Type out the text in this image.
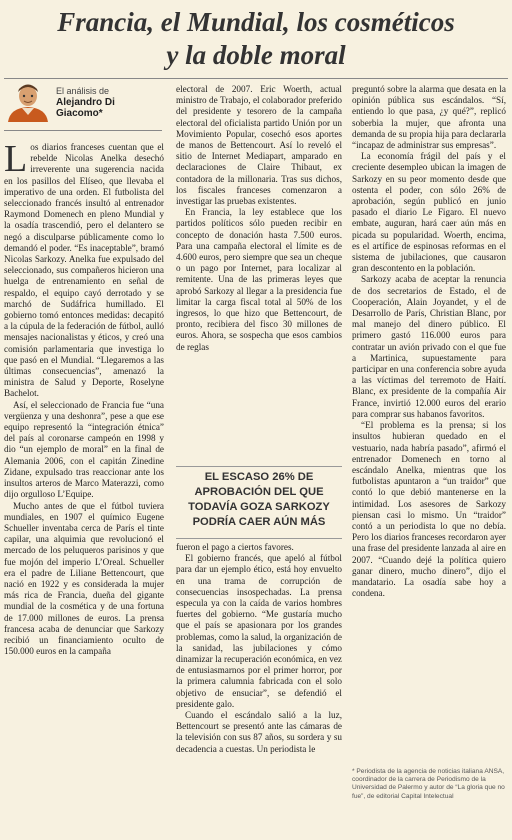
Francia, el Mundial, los cosméticos
y la doble moral
El análisis de
Alejandro Di Giacomo*
L os diarios franceses cuentan que el rebelde Nicolas Anelka desechó irreverente una sugerencia nacida en los pasillos del Elíseo, que llevaba el imperativo de una orden. El futbolista del seleccionado francés insultó al entrenador Raymond Domenech en pleno Mundial y la osadía trascendió, pero el delantero se negó a disculparse públicamente como lo demandó el poder. “Es inaceptable”, bramó Nicolas Sarkozy. Anelka fue expulsado del seleccionado, sus compañeros hicieron una huelga de entrenamiento en señal de respaldo, el equipo cayó derrotado y se marchó de Sudáfrica humillado. El gobierno tomó entonces medidas: decapitó a la cúpula de la federación de fútbol, aulló mensajes nacionalistas y éticos, y creó una comisión parlamentaria que investiga lo que pasó en el Mundial. “Llegaremos a las últimas consecuencias”, amenazó la ministra de Salud y Deporte, Roselyne Bachelot.

Así, el seleccionado de Francia fue “una vergüenza y una deshonra”, pese a que ese equipo representó la “integración étnica” del país al coronarse campeón en 1998 y dio “un ejemplo de moral” en la final de Alemania 2006, con el capitán Zinedine Zidane, expulsado tras reaccionar ante los insultos arteros de Marco Materazzi, como dijo orgulloso L’Equipe.

Mucho antes de que el fútbol tuviera mundiales, en 1907 el químico Eugene Schueller inventaba cerca de París el tinte capilar, una alquimia que revolucionó el mercado de los peluqueros parisinos y que fue mojón del imperio L’Oreal. Schueller era el padre de Liliane Bettencourt, que nació en 1922 y es considerada la mujer más rica de Francia, dueña del gigante mundial de la cosmética y de una fortuna de 17.000 millones de euros. La prensa francesa acaba de denunciar que Sarkozy recibió un financiamiento oculto de 150.000 euros en la campaña

electoral de 2007. Eric Woerth, actual ministro de Trabajo, el colaborador preferido del presidente y tesorero de la campaña electoral del oficialista partido Unión por un Movimiento Popular, cosechó esos aportes de manos de Bettencourt. Así lo reveló el sitio de Internet Mediapart, amparado en declaraciones de Claire Thibaut, ex contadora de la millonaria. Tras sus dichos, los fiscales franceses comenzaron a investigar las pruebas existentes.

En Francia, la ley establece que los partidos políticos sólo pueden recibir en concepto de donación hasta 7.500 euros. Para una campaña electoral el límite es de 4.600 euros, pero siempre que sea un cheque o un pago por Internet, para localizar al remitente. Una de las primeras leyes que aprobó Sarkozy al llegar a la presidencia fue limitar la carga fiscal total al 50% de los ingresos, lo que hizo que Bettencourt, de pronto, recibiera del fisco 30 millones de euros. Ahora, se sospecha que esos cambios de reglas

EL ESCASO 26% DE
APROBACIÓN DEL QUE
TODAVÍA GOZA SARKOZY
PODRÍA CAER AÚN MÁS

fueron el pago a ciertos favores.

El gobierno francés, que apeló al fútbol para dar un ejemplo ético, está hoy envuelto en una trama de corrupción de consecuencias insospechadas. La prensa especula ya con la caída de varios hombres fuertes del gobierno. “Me gustaría mucho que el país se apasionara por los grandes problemas, como la salud, la organización de la sanidad, las jubilaciones y cómo dinamizar la recuperación económica, en vez de entusiasmarnos por el primer horror, por la primera calumnia fabricada con el solo objetivo de ensuciar”, se defendió el presidente galo.

Cuando el escándalo salió a la luz, Bettencourt se presentó ante las cámaras de la televisión con sus 87 años, su sordera y su decadencia a cuestas. Un periodista le

preguntó sobre la alarma que desata en la opinión pública sus escándalos. “Sí, entiendo lo que pasa, ¿y qué?”, replicó soberbia la mujer, que afronta una demanda de su propia hija para declararla “incapaz de administrar sus empresas”.

La economía frágil del país y el creciente desempleo ubican la imagen de Sarkozy en su peor momento desde que ostenta el poder, con sólo 26% de aprobación, según publicó en junio pasado el diario Le Figaro. El nuevo embate, auguran, hará caer aún más en picada su popularidad. Woerth, encima, es el artífice de espinosas reformas en el sistema de jubilaciones, que causaron gran descontento en la población.

Sarkozy acaba de aceptar la renuncia de dos secretarios de Estado, el de Cooperación, Alain Joyandet, y el de Desarrollo de París, Christian Blanc, por mal manejo del dinero público. El primero gastó 116.000 euros para contratar un avión privado con el que fue a Martinica, supuestamente para participar en una conferencia sobre ayuda a las víctimas del terremoto de Haití. Blanc, ex presidente de la compañía Air France, invirtió 12.000 euros del erario para comprar sus habanos favoritos.

“El problema es la prensa; si los insultos hubieran quedado en el vestuario, nada habría pasado”, afirmó el entrenador Domenech en torno al escándalo Anelka, mientras que los futbolistas apuntaron a “un traidor” que contó lo que debió mantenerse en la intimidad. Los asesores de Sarkozy piensan casi lo mismo. Un “traidor” contó a un periodista lo que no debía. Pero los diarios franceses recordaron ayer una frase del presidente lanzada al aire en 2007. “Cuando dejé la política quiero ganar dinero, mucho dinero”, dijo el mandatario. La osadía sabe hoy a condena.

* Periodista de la agencia de noticias italiana ANSA, coordinador de la carrera de Periodismo de la Universidad de Palermo y autor de “La gloria que no fue”, de editorial Capital Intelectual
